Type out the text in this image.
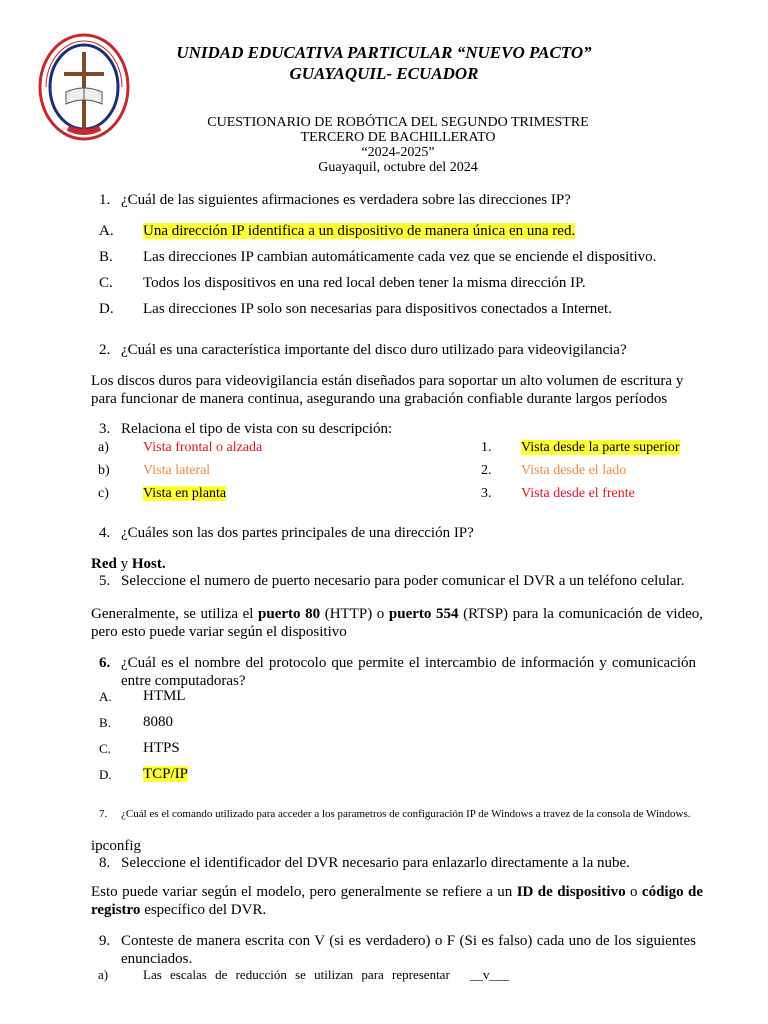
UNIDAD EDUCATIVA PARTICULAR “NUEVO PACTO”
GUAYAQUIL- ECUADOR
CUESTIONARIO DE ROBÓTICA DEL SEGUNDO TRIMESTRE
TERCERO DE BACHILLERATO
“2024-2025”
Guayaquil, octubre del 2024
1. ¿Cuál de las siguientes afirmaciones es verdadera sobre las direcciones IP?
A. Una dirección IP identifica a un dispositivo de manera única en una red.
B. Las direcciones IP cambian automáticamente cada vez que se enciende el dispositivo.
C. Todos los dispositivos en una red local deben tener la misma dirección IP.
D. Las direcciones IP solo son necesarias para dispositivos conectados a Internet.
2. ¿Cuál es una característica importante del disco duro utilizado para videovigilancia?
Los discos duros para videovigilancia están diseñados para soportar un alto volumen de escritura y para funcionar de manera continua, asegurando una grabación confiable durante largos períodos
3. Relaciona el tipo de vista con su descripción:
a) Vista frontal o alzada	1. Vista desde la parte superior
b) Vista lateral	2. Vista desde el lado
c) Vista en planta	3. Vista desde el frente
4. ¿Cuáles son las dos partes principales de una dirección IP?
Red y Host.
5. Seleccione el numero de puerto necesario para poder comunicar el DVR a un teléfono celular.
Generalmente, se utiliza el puerto 80 (HTTP) o puerto 554 (RTSP) para la comunicación de video, pero esto puede variar según el dispositivo
6. ¿Cuál es el nombre del protocolo que permite el intercambio de información y comunicación entre computadoras?
A. HTML
B. 8080
C. HTPS
D. TCP/IP
7. ¿Cuál es el comando utilizado para acceder a los parametros de configuración IP de Windows a travez de la consola de Windows.
ipconfig
8. Seleccione el identificador del DVR necesario para enlazarlo directamente a la nube.
Esto puede variar según el modelo, pero generalmente se refiere a un ID de dispositivo o código de registro específico del DVR.
9. Conteste de manera escrita con V (si es verdadero) o F (Si es falso) cada uno de los siguientes enunciados.
a)	Las escalas de reducción se utilizan para representar __v___
